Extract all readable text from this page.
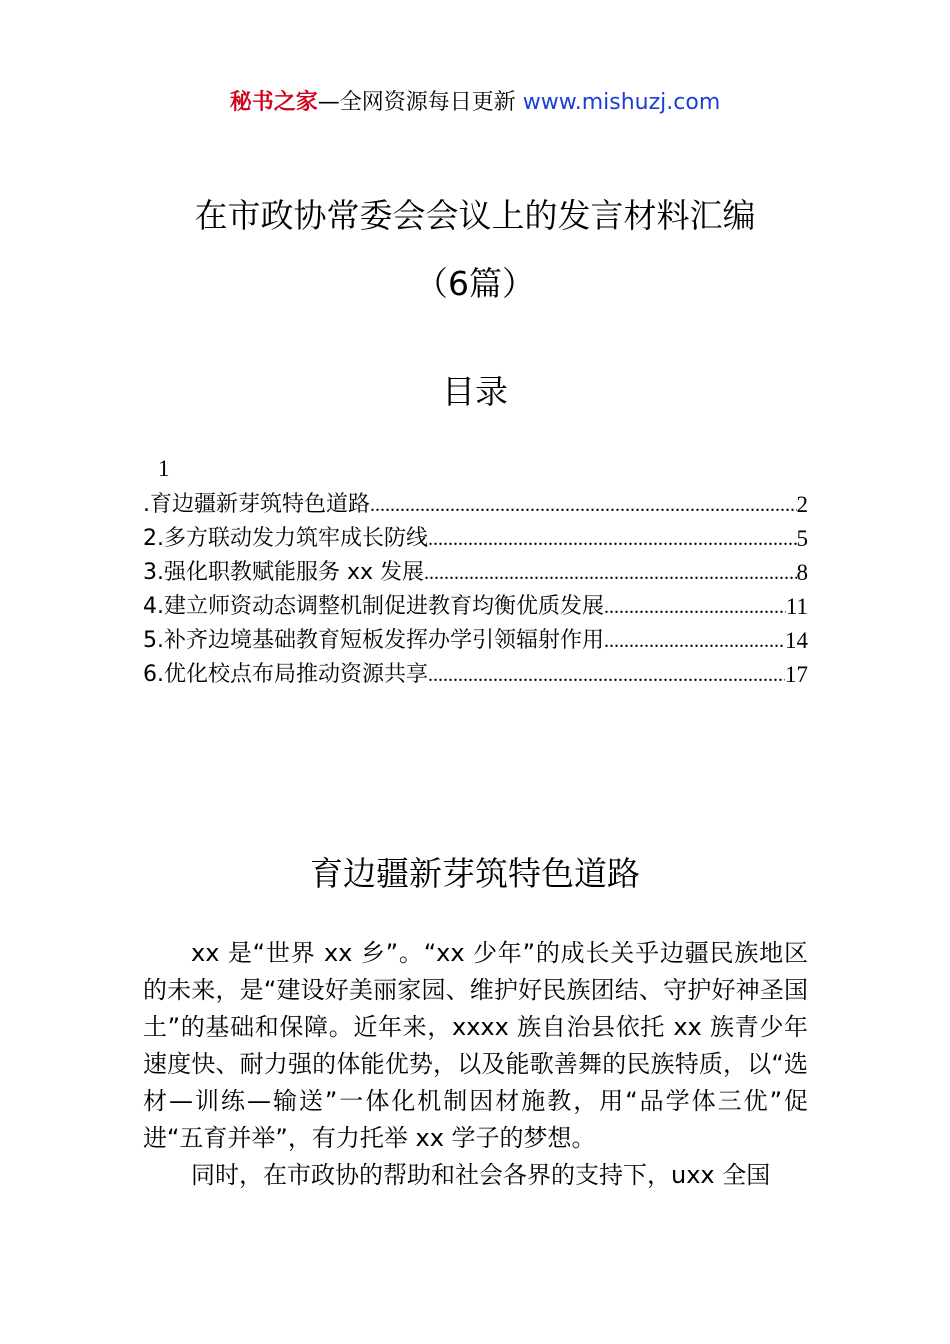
秘书之家—全网资源每日更新 www.mishuzj.com
在市政协常委会会议上的发言材料汇编
（6篇）
目录
1
.育边疆新芽筑特色道路 .....	2
2.多方联动发力筑牢成长防线 .....	5
3.强化职教赋能服务 xx 发展 .....	8
4.建立师资动态调整机制促进教育均衡优质发展 .....	11
5.补齐边境基础教育短板发挥办学引领辐射作用 .....	14
6.优化校点布局推动资源共享 .....	17
育边疆新芽筑特色道路

xx 是“世界 xx 乡”。“xx 少年”的成长关乎边疆民族地区的未来，是“建设好美丽家园、维护好民族团结、守护好神圣国土”的基础和保障。近年来，xxxx 族自治县依托 xx 族青少年速度快、耐力强的体能优势，以及能歌善舞的民族特质，以“选材—训练—输送”一体化机制因材施教，用“品学体三优”促进“五育并举”，有力托举 xx 学子的梦想。

同时，在市政协的帮助和社会各界的支持下，uxx 全国
